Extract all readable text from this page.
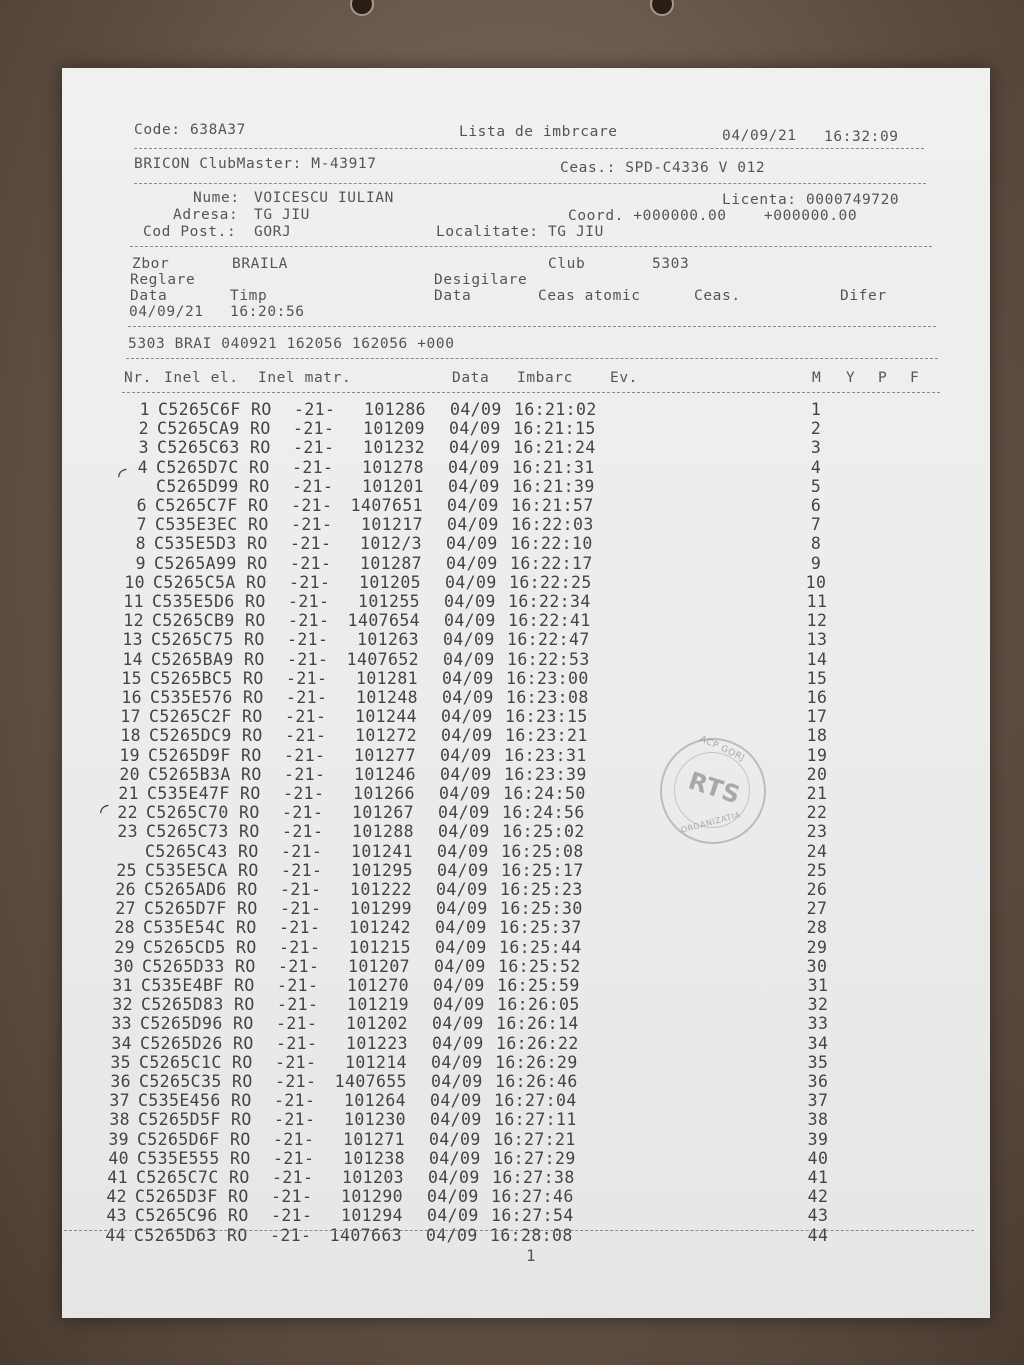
Code: 638A37	Lista de imbrcare	04/09/21 16:32:09
BRICON ClubMaster: M-43917	Ceas.: SPD-C4336 V 012
Nume: VOICESCU IULIAN	Licenta: 0000749720
Adresa: TG JIU	Coord. +000000.00    +000000.00
Cod Post.: GORJ	Localitate: TG JIU
Zbor	BRAILA	Club	5303
Reglare	Desigilare
Data	Timp	Data	Ceas atomic	Ceas.	Difer
04/09/21 16:20:56
5303 BRAI 040921 162056 162056 +000
Nr. Inel el. Inel matr.	Data Imbarc	Ev.	M Y P F
1 C5265C6F RO -21-	101286 04/09 16:21:02	1
2 C5265CA9 RO -21-	101209 04/09 16:21:15	2
3 C5265C63 RO -21-	101232 04/09 16:21:24	3
4 C5265D7C RO -21-	101278 04/09 16:21:31	4
C5265D99 RO -21-	101201 04/09 16:21:39	5
6 C5265C7F RO -21-	1407651 04/09 16:21:57	6
7 C535E3EC RO -21-	101217 04/09 16:22:03	7
8 C535E5D3 RO -21-	1012/3 04/09 16:22:10	8
9 C5265A99 RO -21-	101287 04/09 16:22:17	9
10 C5265C5A RO -21-	101205 04/09 16:22:25	10
11 C535E5D6 RO -21-	101255 04/09 16:22:34	11
12 C5265CB9 RO -21-	1407654 04/09 16:22:41	12
13 C5265C75 RO -21-	101263 04/09 16:22:47	13
14 C5265BA9 RO -21-	1407652 04/09 16:22:53	14
15 C5265BC5 RO -21-	101281 04/09 16:23:00	15
16 C535E576 RO -21-	101248 04/09 16:23:08	16
17 C5265C2F RO -21-	101244 04/09 16:23:15	17
18 C5265DC9 RO -21-	101272 04/09 16:23:21	18
19 C5265D9F RO -21-	101277 04/09 16:23:31	19
20 C5265B3A RO -21-	101246 04/09 16:23:39	20
21 C535E47F RO -21-	101266 04/09 16:24:50	21
22 C5265C70 RO -21-	101267 04/09 16:24:56	22
23 C5265C73 RO -21-	101288 04/09 16:25:02	23
C5265C43 RO -21-	101241 04/09 16:25:08	24
25 C535E5CA RO -21-	101295 04/09 16:25:17	25
26 C5265AD6 RO -21-	101222 04/09 16:25:23	26
27 C5265D7F RO -21-	101299 04/09 16:25:30	27
28 C535E54C RO -21-	101242 04/09 16:25:37	28
29 C5265CD5 RO -21-	101215 04/09 16:25:44	29
30 C5265D33 RO -21-	101207 04/09 16:25:52	30
31 C535E4BF RO -21-	101270 04/09 16:25:59	31
32 C5265D83 RO -21-	101219 04/09 16:26:05	32
33 C5265D96 RO -21-	101202 04/09 16:26:14	33
34 C5265D26 RO -21-	101223 04/09 16:26:22	34
35 C5265C1C RO -21-	101214 04/09 16:26:29	35
36 C5265C35 RO -21-	1407655 04/09 16:26:46	36
37 C535E456 RO -21-	101264 04/09 16:27:04	37
38 C5265D5F RO -21-	101230 04/09 16:27:11	38
39 C5265D6F RO -21-	101271 04/09 16:27:21	39
40 C535E555 RO -21-	101238 04/09 16:27:29	40
41 C5265C7C RO -21-	101203 04/09 16:27:38	41
42 C5265D3F RO -21-	101290 04/09 16:27:46	42
43 C5265C96 RO -21-	101294 04/09 16:27:54	43
44 C5265D63 RO -21-	1407663 04/09 16:28:08	44
◜
◜
ACP GORJ
RTS
ORGANIZATIA
1
